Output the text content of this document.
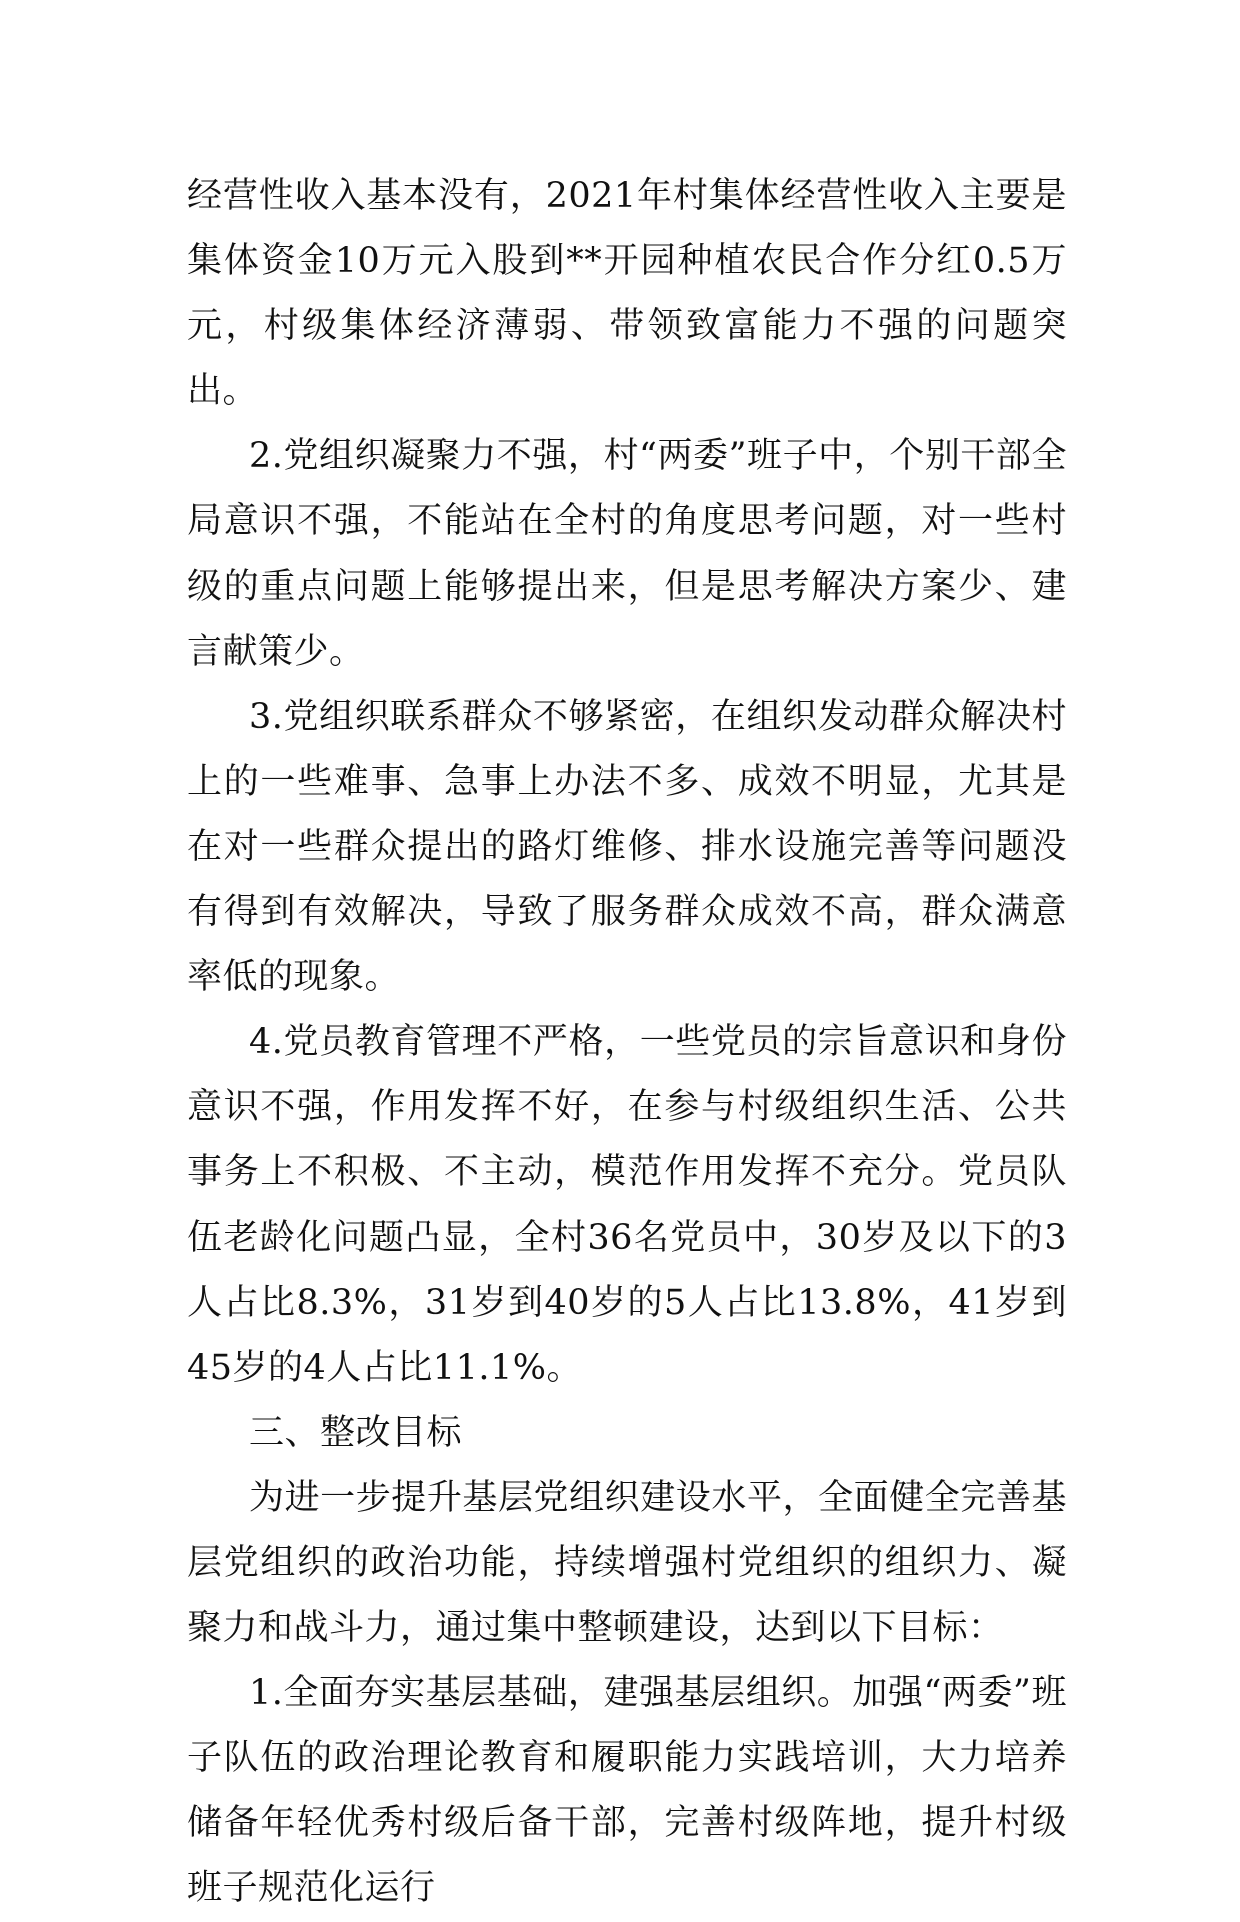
经营性收入基本没有，2021年村集体经营性收入主要是集体资金10万元入股到**开园种植农民合作分红0.5万元，村级集体经济薄弱、带领致富能力不强的问题突出。

2.党组织凝聚力不强，村“两委”班子中，个别干部全局意识不强，不能站在全村的角度思考问题，对一些村级的重点问题上能够提出来，但是思考解决方案少、建言献策少。

3.党组织联系群众不够紧密，在组织发动群众解决村上的一些难事、急事上办法不多、成效不明显，尤其是在对一些群众提出的路灯维修、排水设施完善等问题没有得到有效解决，导致了服务群众成效不高，群众满意率低的现象。

4.党员教育管理不严格，一些党员的宗旨意识和身份意识不强，作用发挥不好，在参与村级组织生活、公共事务上不积极、不主动，模范作用发挥不充分。党员队伍老龄化问题凸显，全村36名党员中，30岁及以下的3人占比8.3%，31岁到40岁的5人占比13.8%，41岁到45岁的4人占比11.1%。

三、整改目标

为进一步提升基层党组织建设水平，全面健全完善基层党组织的政治功能，持续增强村党组织的组织力、凝聚力和战斗力，通过集中整顿建设，达到以下目标：

1.全面夯实基层基础，建强基层组织。加强“两委”班子队伍的政治理论教育和履职能力实践培训，大力培养储备年轻优秀村级后备干部，完善村级阵地，提升村级班子规范化运行
